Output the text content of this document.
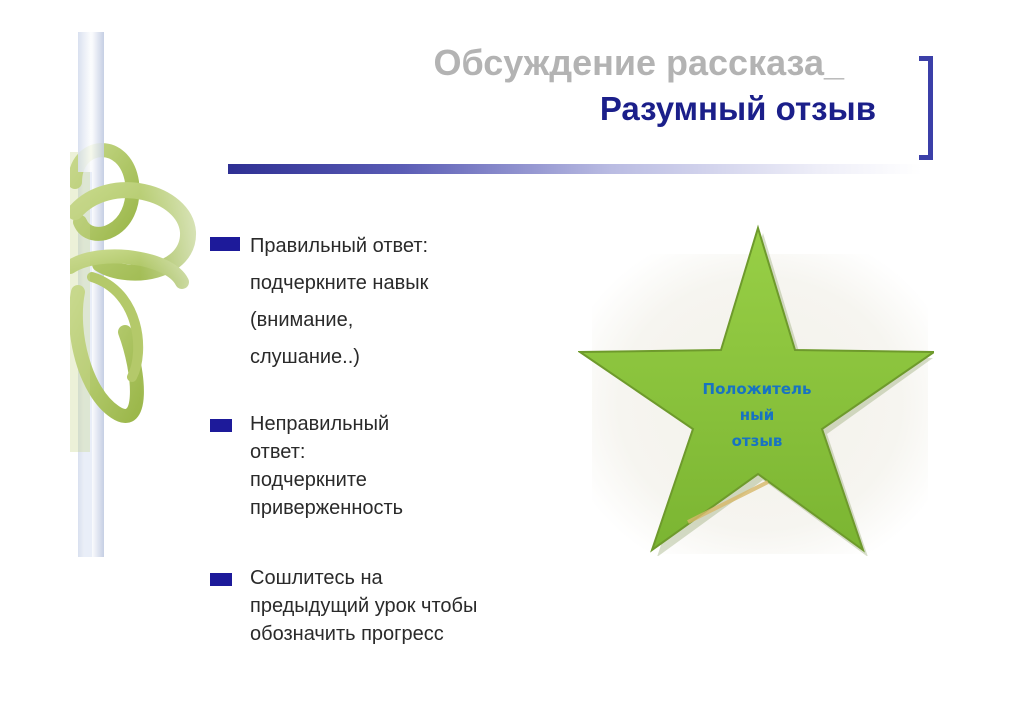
Обсуждение рассказа_
Разумный отзыв
Правильный ответ:
подчеркните навык
(внимание,
слушание..)
Неправильный
ответ:
подчеркните
приверженность
Сошлитесь на
предыдущий урок чтобы
обозначить прогресс
Положитель
ный
отзыв
